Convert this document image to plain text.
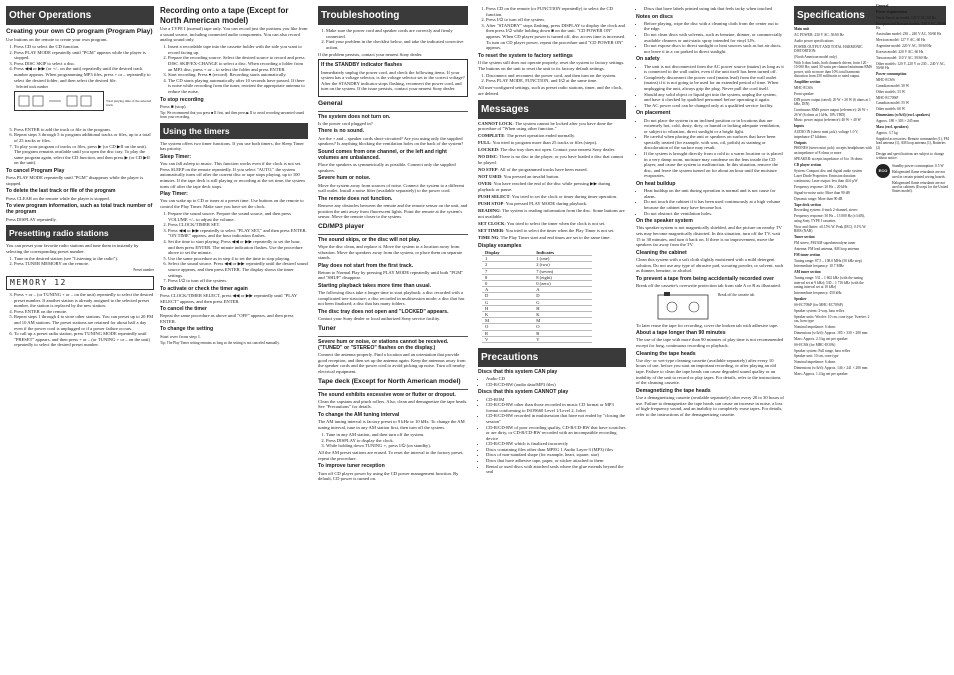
Other Operations
Creating your own CD program (Program Play)

Use buttons on the remote to create your own program.

1. Press CD to select the CD function.
2. Press PLAY MODE repeatedly until "PGM" appears while the player is stopped.
3. Press DISC SKIP to select a disc.
4. Press ◀◀ or ▶▶ (or +/– on the unit) repeatedly until the desired track number appears. When programming MP3 files, press + or – repeatedly to select the desired folder, and then select the desired file.

Selected track number

Total playing time of the selected track

5. Press ENTER to add the track or file to the program.
6. Repeat steps 3 through 5 to program additional tracks or files, up to a total of 25 tracks or files.
7. To play your program of tracks or files, press ▶ (or CD ▶II on the unit). The program remains available until you open the disc tray. To play the same program again, select the CD function, and then press ▶ (or CD ▶II on the unit).
To cancel Program Play

Press PLAY MODE repeatedly until "PGM" disappears while the player is stopped.

To delete the last track or file of the program

Press CLEAR on the remote while the player is stopped.

To view program information, such as total track number of the program

Press DISPLAY repeatedly.

Presetting radio stations

You can preset your favorite radio stations and tune them in instantly by selecting the corresponding preset number.

1. Tune in the desired station (see "Listening to the radio").
2. Press TUNER MEMORY on the remote.

Preset number

MEMORY 12
3. Press + or – (or TUNING + or – on the unit) repeatedly to select the desired preset number. If another station is already assigned to the selected preset number, the station is replaced by the new station.
4. Press ENTER on the remote.
5. Repeat steps 1 through 4 to store other stations. You can preset up to 20 FM and 10 AM stations. The preset stations are retained for about half a day even if the power cord is unplugged or if a power failure occurs.
6. To call up a preset radio station, press TUNING MODE repeatedly until "PRESET" appears, and then press + or – (or TUNING + or – on the unit) repeatedly to select the desired preset number.
Recording onto a tape (Except for North American model)

Use a TYPE I (normal) tape only. You can record just the portions you like from a sound source, including connected audio components. You can also record analog sound only.

1. Insert a recordable tape into the cassette holder with the side you want to record facing up.
2. Prepare the recording source. Select the desired source to record and press DISC SKIP/EX-CHANGE to select a disc. When recording a folder from an MP3 disc, press + or – to select the folder and press ENTER.
3. Start recording. Press ● (record). Recording starts automatically.
4. The CD starts playing automatically after 10 seconds have passed. If there is noise while recording from the tuner, reorient the appropriate antenna to reduce the noise.
To stop recording

Press ■ (stop).

Tip: We recommend that you press ■ II first, and then press ▶ II to avoid recording unwanted sound from your recording.

Using the timers

The system offers two timer functions. If you use both timers, the Sleep Timer has priority.

Sleep Timer:

You can fall asleep to music. This function works even if the clock is not set. Press SLEEP on the remote repeatedly. If you select "AUTO," the system automatically turns off after the current disc or tape stops playing, up to 100 minutes. If the tape deck is still playing or recording at the set time, the system turns off after the tape deck stops.

Play Timer:

You can wake up to CD or tuner at a preset time. Use buttons on the remote to control the Play Timer. Make sure you have set the clock.

1. Prepare the sound source. Prepare the sound source, and then press VOLUME +/– to adjust the volume.
2. Press CLOCK/TIMER SET.
3. Press ◀◀ or ▶▶ repeatedly to select "PLAY SET," and then press ENTER. "ON TIME" appears, and the hour indication flashes.
4. Set the time to start playing. Press ◀◀ or ▶▶ repeatedly to set the hour, and then press ENTER. The minute indication flashes. Use the procedure above to set the minute.
5. Use the same procedure as in step 4 to set the time to stop playing.
6. Select the sound source. Press ◀◀ or ▶▶ repeatedly until the desired sound source appears, and then press ENTER. The display shows the timer settings.
7. Press I/⏻ to turn off the system.
To activate or check the timer again

Press CLOCK/TIMER SELECT, press ◀◀ or ▶▶ repeatedly until "PLAY SELECT" appears, and then press ENTER.

To cancel the timer

Repeat the same procedure as above until "OFF" appears, and then press ENTER.

To change the setting

Start over from step 1.

Tip: The Play Timer setting remains as long as the setting is not canceled manually.

Troubleshooting
1. Make sure the power cord and speaker cords are correctly and firmly connected.
2. Find your problem in the checklist below, and take the indicated corrective action.

If the problem persists, contact your nearest Sony dealer.

If the STANDBY indicator flashes

Immediately unplug the power cord, and check the following items. If your system has a voltage selector, is the voltage selector set to the correct voltage? After the STANDBY indicator stops flashing, reconnect the power cord, and turn on the system. If the issue persists, contact your nearest Sony dealer.

General
The system does not turn on.

Is the power cord plugged in?

There is no sound.

Are the + and – speaker cords short-circuited? Are you using only the supplied speakers? Is anything blocking the ventilation holes on the back of the system?

Sound comes from one channel, or the left and right volumes are unbalanced.

Place the speakers as symmetrically as possible. Connect only the supplied speakers.

Severe hum or noise.

Move the system away from sources of noise. Connect the system to a different wall outlet. Install a noise filter (available separately) to the power cord.

The remote does not function.

Remove any obstacles between the remote and the remote sensor on the unit, and position the unit away from fluorescent lights. Point the remote at the system's sensor. Move the remote closer to the system.

CD/MP3 player
The sound skips, or the disc will not play.

Wipe the disc clean, and replace it. Move the system to a location away from vibration. Move the speakers away from the system, or place them on separate stands.

Play does not start from the first track.

Return to Normal Play by pressing PLAY MODE repeatedly until both "PGM" and "SHUF" disappear.

Starting playback takes more time than usual.

The following discs take a longer time to start playback: a disc recorded with a complicated tree structure; a disc recorded in multisession mode; a disc that has not been finalized; a disc that has many folders.

The disc tray does not open and "LOCKED" appears.

Contact your Sony dealer or local authorized Sony service facility.

Tuner
Severe hum or noise, or stations cannot be received. ("TUNED" or "STEREO" flashes on the display.)

Connect the antenna properly. Find a location and an orientation that provide good reception, and then set up the antenna again. Keep the antennas away from the speaker cords and the power cord to avoid picking up noise. Turn off nearby electrical equipment.

Tape deck (Except for North American model)
The sound exhibits excessive wow or flutter or dropout.

Clean the capstans and pinch rollers. Also, clean and demagnetize the tape heads. See "Precautions" for details.

To change the AM tuning interval

The AM tuning interval is factory preset to 9 kHz or 10 kHz. To change the AM tuning interval, tune in any AM station first, then turn off the system.

1. Tune in any AM station, and then turn off the system.
2. Press DISPLAY to display the clock.
3. While holding down TUNING +, press I/⏻ (on standby).

All the AM preset stations are erased. To reset the interval to the factory preset, repeat the procedure.

To improve tuner reception

Turn off CD player power by using the CD power management function. By default, CD power is turned on.

1. Press CD on the remote (or FUNCTION repeatedly) to select the CD function.
2. Press I/⏻ to turn off the system.
3. After "STANDBY" stops flashing, press DISPLAY to display the clock and then press I/⏻ while holding down ■ on the unit. "CD POWER ON" appears. When CD player power is turned off, disc access time is increased. To turn on CD player power, repeat the procedure until "CD POWER ON" appears.
To reset the system to factory settings

If the system still does not operate properly, reset the system to factory settings. The buttons on the unit to reset the unit to its factory default settings.

1. Disconnect and reconnect the power cord, and then turn on the system.
2. Press PLAY MODE, FUNCTION, and I/⏻ at the same time.

All user-configured settings, such as preset radio stations, timer, and the clock, are deleted.

Messages

CANNOT LOCK: The system cannot be locked after you have done the procedure of "When using other function."

COMPLETE: The preset operation ended normally.

FULL: You tried to program more than 25 tracks or files (steps).

LOCKED: The disc tray does not open. Contact your nearest Sony dealer.

NO DISC: There is no disc in the player, or you have loaded a disc that cannot be played.

NO STEP: All of the programmed tracks have been erased.

NOT USED: You pressed an invalid button.

OVER: You have reached the end of the disc while pressing ▶▶ during playback or pause.

PUSH SELECT: You tried to set the clock or timer during timer operation.

PUSH STOP: You pressed PLAY MODE during playback.

READING: The system is reading information from the disc. Some buttons are not available.

SET CLOCK: You tried to select the timer when the clock is not set.

SET TIMER: You tried to select the timer when the Play Timer is not set.

TIME NG: The Play Timer start and end times are set to the same time.

Display examples
Display	Indicates
1	1 (one)
2	2 (two)
7	7 (seven)
8	8 (eight)
0	0 (zero)
A	A
D	D
G	G
H	H
K	K
M	M
O	O
R	R
V	V
Precautions
Discs that this system CAN play
• Audio CD
• CD-R/CD-RW (audio data/MP3 files)
Discs that this system CANNOT play
• CD-ROM
• CD-R/CD-RW other than those recorded in music CD format or MP3 format conforming to ISO9660 Level 1/Level 2, Joliet
• CD-R/CD-RW recorded in multisession that have not ended by "closing the session"
• CD-R/CD-RW of poor recording quality, CD-R/CD-RW that have scratches or are dirty, or CD-R/CD-RW recorded with an incompatible recording device
• CD-R/CD-RW which is finalized incorrectly
• Discs containing files other than MPEG 1 Audio Layer-3 (MP3) files
• Discs of non-standard shape (for example, heart, square, star)
• Discs that have adhesive tape, paper, or sticker attached to them
• Rental or used discs with attached seals where the glue extends beyond the seal
• Discs that have labels printed using ink that feels tacky when touched
Notes on discs
• Before playing, wipe the disc with a cleaning cloth from the center out to the edge.
• Do not clean discs with solvents, such as benzine, thinner, or commercially available cleaners or anti-static spray intended for vinyl LPs.
• Do not expose discs to direct sunlight or heat sources such as hot air ducts, nor leave it in a car parked in direct sunlight.
On safety
• The unit is not disconnected from the AC power source (mains) as long as it is connected to the wall outlet, even if the unit itself has been turned off.
• Completely disconnect the power cord (mains lead) from the wall outlet (mains) if it is not going to be used for an extended period of time. When unplugging the unit, always grip the plug. Never pull the cord itself.
• Should any solid object or liquid get into the system, unplug the system, and have it checked by qualified personnel before operating it again.
• The AC power cord can be changed only at a qualified service facility.
On placement
• Do not place the system in an inclined position or in locations that are extremely hot, cold, dusty, dirty, or humid or lacking adequate ventilation, or subject to vibration, direct sunlight or a bright light.
• Be careful when placing the unit or speakers on surfaces that have been specially treated (for example, with wax, oil, polish) as staining or discoloration of the surface may result.
• If the system is brought directly from a cold to a warm location or is placed in a very damp room, moisture may condense on the lens inside the CD player, and cause the system to malfunction. In this situation, remove the disc, and leave the system turned on for about an hour until the moisture evaporates.
On heat buildup
• Heat buildup on the unit during operation is normal and is not cause for alarm.
• Do not touch the cabinet if it has been used continuously at a high volume because the cabinet may have become hot.
• Do not obstruct the ventilation holes.
On the speaker system

This speaker system is not magnetically shielded, and the picture on nearby TV sets may become magnetically distorted. In this situation, turn off the TV, wait 15 to 30 minutes, and turn it back on. If there is no improvement, move the speakers far away from the TV.

Cleaning the cabinet

Clean this system with a soft cloth slightly moistened with a mild detergent solution. Do not use any type of abrasive pad, scouring powder, or solvent, such as thinner, benzine, or alcohol.

To prevent a tape from being accidentally recorded over

Break off the cassette's overwrite protection tab from side A or B as illustrated.

Break off the cassette tab

To later reuse the tape for recording, cover the broken tab with adhesive tape.

About a tape longer than 90 minutes

The use of the tape with more than 90 minutes of play time is not recommended except for long, continuous recording or playback.

Cleaning the tape heads

Use dry- or wet-type cleaning cassette (available separately) after every 10 hours of use, before you start an important recording, or after playing an old tape. Failure to clean the tape heads can cause degraded sound quality or an inability of the unit to record or play tapes. For details, refer to the instructions of the cleaning cassette.

Demagnetizing the tape heads

Use a demagnetizing cassette (available separately) after every 20 to 30 hours of use. Failure to demagnetize the tape heads can cause an increase in noise, a loss of high-frequency sound, and an inability to completely erase tapes. For details, refer to the instructions of the demagnetizing cassette.

Specifications

Main unit

AC POWER: 230 V AC, 50/60 Hz

Audio power specifications

POWER OUTPUT AND TOTAL HARMONIC DISTORTION:

(North American model only)

With 6 ohm loads, both channels driven, from 120 - 10 000 Hz; rated 30 watts per channel minimum RMS power, with no more than 10% total harmonic distortion from 250 milliwatts to rated output.

Amplifier section

MHC-EC69i

Front speaker

DIN power output (rated): 20 W + 20 W (6 ohms at 1 kHz, DIN)

Continuous RMS power output (reference): 26 W + 26 W (6 ohms at 1 kHz, 10% THD)

Music power output (reference): 40 W + 40 W

Inputs

AUDIO IN (stereo mini jack): voltage 1.0 V, impedance 47 kilohms

Outputs

PHONES (stereo mini jack): accepts headphones with an impedance of 8 ohms or more

SPEAKER: accepts impedance of 6 to 16 ohms

CD player section

System: Compact disc and digital audio system

Laser Diode Properties: Emission duration: continuous; Laser output: less than 44.6 µW

Frequency response: 20 Hz – 20 kHz

Signal-to-noise ratio: More than 90 dB

Dynamic range: More than 90 dB

Tape deck section

Recording system: 4-track 2-channel, stereo

Frequency response: 50 Hz – 13 000 Hz (±3 dB), using Sony TYPE I cassettes

Wow and flutter: ±0.15% W. Peak (IEC), 0.1% W. RMS (NAB)

Tuner section

FM stereo, FM/AM superheterodyne tuner

Antenna: FM lead antenna, AM loop antenna

FM tuner section

Tuning range: 87.5 – 108.0 MHz (50 kHz step)

Intermediate frequency: 10.7 MHz

AM tuner section

Tuning range: 531 – 1 602 kHz (with the tuning interval set at 9 kHz); 530 – 1 710 kHz (with the tuning interval set at 10 kHz)

Intermediate frequency: 450 kHz

Speaker

SS-EC709iP (for MHC-EC709iP)

Speaker system: 2-way, bass reflex

Speaker units: Woofer: 10 cm, cone type; Tweeter: 2 cm, horn type

Nominal impedance: 6 ohms

Dimensions (w/h/d): Approx. 185 × 330 × 200 mm

Mass: Approx. 2.3 kg net per speaker

SS-EC69i (for MHC-EC69i)

Speaker system: Full range, bass reflex

Speaker unit: 10 cm, cone type

Nominal impedance: 6 ohms

Dimensions (w/h/d): Approx. 146 × 241 × 200 mm

Mass: Approx. 1.4 kg net per speaker

General

Power requirements

North American model: 120 V AC, 60 Hz

European and Russian models: 230 V AC, 50/60 Hz

Australian model: 230 – 240 V AC, 50/60 Hz

Mexican model: 127 V AC, 60 Hz

Argentine model: 220 V AC, 50/60 Hz

Korean model: 220 V AC, 60 Hz

Taiwan model: 110 V AC, 50/60 Hz

Other models: 120 V, 220 V or 230 – 240 V AC, 50/60 Hz

Power consumption

MHC-EC69i

Canadian model: 50 W

Other models: 53 W

MHC-EC709iP

Canadian model: 55 W

Other models: 60 W

Dimensions (w/h/d) (excl. speakers)

Approx. 180 × 303 × 245 mm

Mass (excl. speakers)

Approx. 3.7 kg

Supplied accessories: Remote commander (1), FM lead antenna (1), AM loop antenna (1), Batteries (2)

Design and specifications are subject to change without notice.

ECO

Standby power consumption: 0.5 W

Halogenated flame retardants are not used in certain printed wiring boards.

Halogenated flame retardants are not used in cabinets (Except for the United States model).
